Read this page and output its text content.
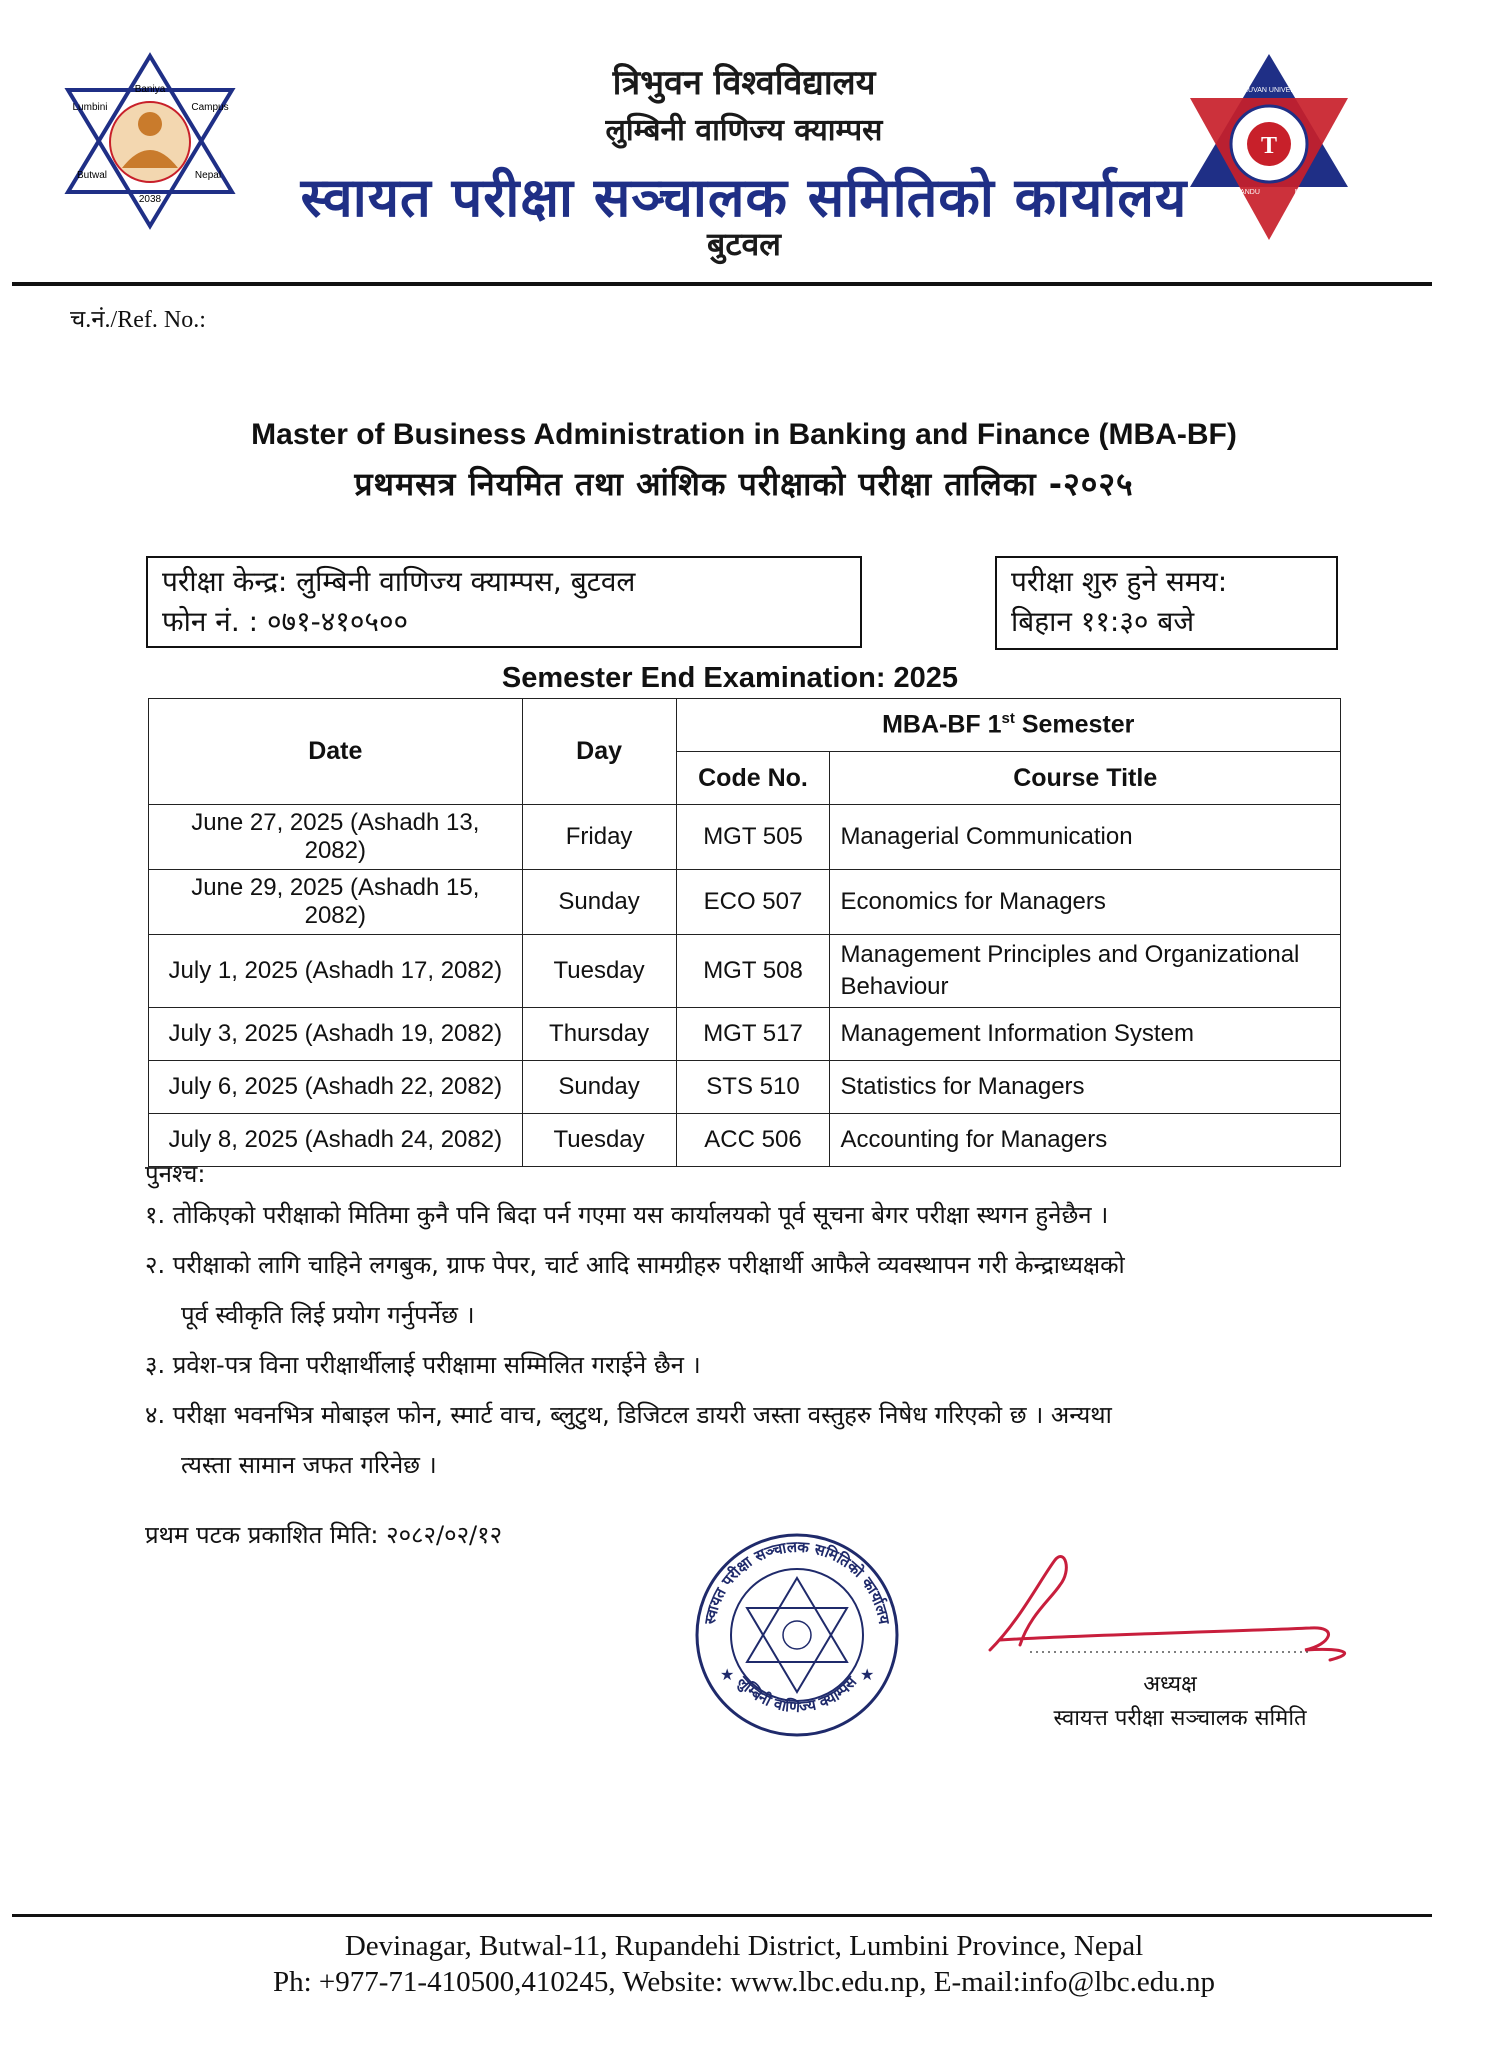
Baniya
Lumbini	Campus
Butwal	Nepal
2038
T
TRIBHUVAN UNIVERSITY
KATHMANDU	NEPAL
त्रिभुवन विश्वविद्यालय
लुम्बिनी वाणिज्य क्याम्पस
स्वायत परीक्षा सञ्चालक समितिको कार्यालय
बुटवल
च.नं./Ref. No.:
Master of Business Administration in Banking and Finance (MBA-BF)
प्रथमसत्र नियमित तथा आंशिक परीक्षाको परीक्षा तालिका -२०२५
परीक्षा केन्द्र: लुम्बिनी वाणिज्य क्याम्पस, बुटवल
फोन नं. : ०७१-४१०५००
परीक्षा शुरु हुने समय:
बिहान ११:३० बजे
Semester End Examination: 2025
Date	Day	MBA-BF 1st Semester	
		Code No.	Course Title
June 27, 2025 (Ashadh 13, 2082)	Friday	MGT 505	Managerial Communication
June 29, 2025 (Ashadh 15, 2082)	Sunday	ECO 507	Economics for Managers
July 1, 2025 (Ashadh 17, 2082)	Tuesday	MGT 508	Management Principles and Organizational Behaviour
July 3, 2025 (Ashadh 19, 2082)	Thursday	MGT 517	Management Information System
July 6, 2025 (Ashadh 22, 2082)	Sunday	STS 510	Statistics for Managers
July 8, 2025 (Ashadh 24, 2082)	Tuesday	ACC 506	Accounting for Managers
पुनश्च:
१. तोकिएको परीक्षाको मितिमा कुनै पनि बिदा पर्न गएमा यस कार्यालयको पूर्व सूचना बेगर परीक्षा स्थगन हुनेछैन ।
२. परीक्षाको लागि चाहिने लगबुक, ग्राफ पेपर, चार्ट आदि सामग्रीहरु परीक्षार्थी आफैले व्यवस्थापन गरी केन्द्राध्यक्षको
पूर्व स्वीकृति लिई प्रयोग गर्नुपर्नेछ ।
३. प्रवेश-पत्र विना परीक्षार्थीलाई परीक्षामा सम्मिलित गराईने छैन ।
४. परीक्षा भवनभित्र मोबाइल फोन, स्मार्ट वाच, ब्लुटुथ, डिजिटल डायरी जस्ता वस्तुहरु निषेध गरिएको छ । अन्यथा
त्यस्ता सामान जफत गरिनेछ ।
प्रथम पटक प्रकाशित मिति: २०८२/०२/१२
स्वायत परीक्षा सञ्चालक समितिको कार्यालय
लुम्बिनी वाणिज्य क्याम्पस
★	★	अध्यक्ष
स्वायत्त परीक्षा सञ्चालक समिति
Devinagar, Butwal-11, Rupandehi District, Lumbini Province, Nepal
Ph: +977-71-410500,410245, Website: www.lbc.edu.np, E-mail:info@lbc.edu.np
